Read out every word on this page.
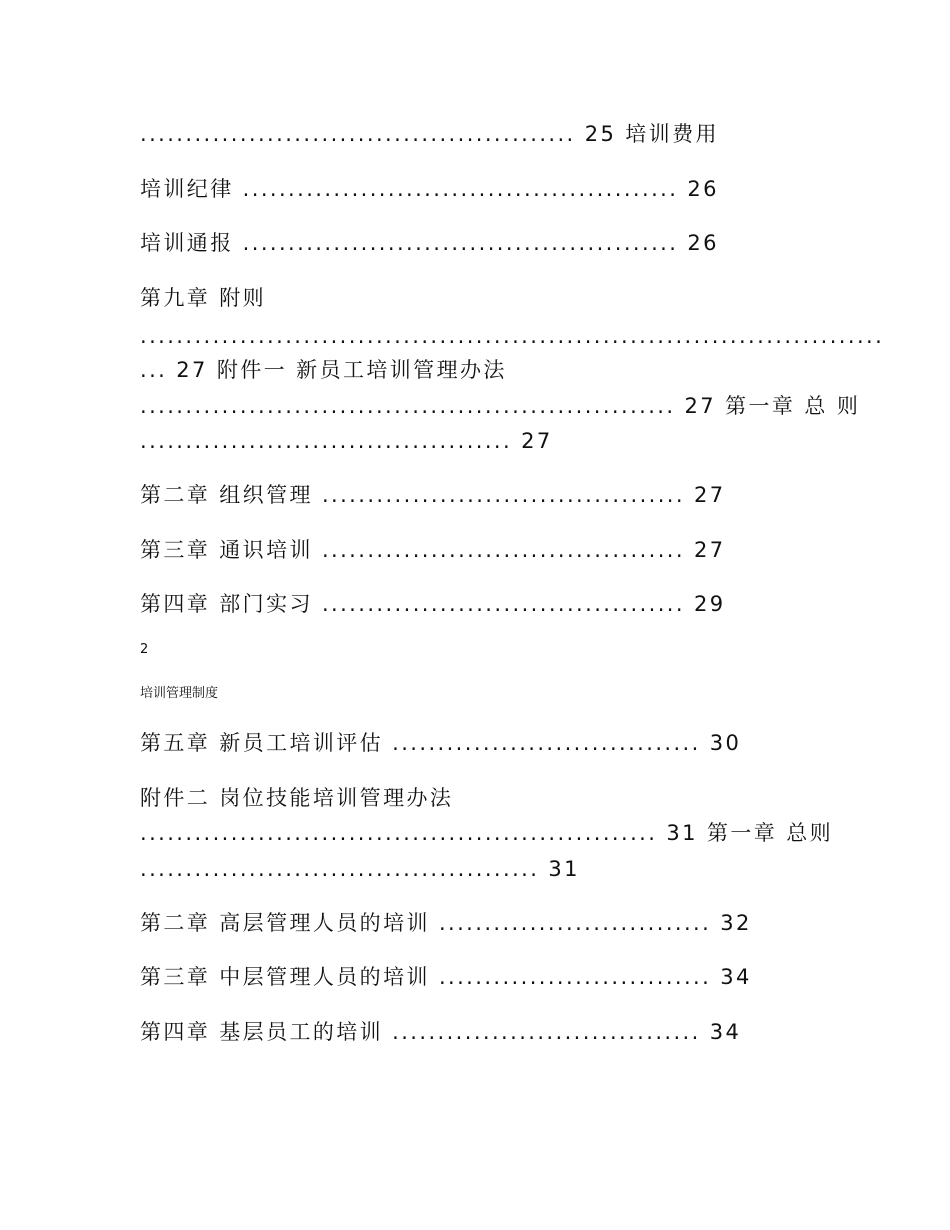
................................................ 25 培训费用
培训纪律 ................................................ 26
培训通报 ................................................ 26
第九章 附则
..................................................................................
... 27 附件一 新员工培训管理办法
........................................................... 27 第一章 总 则
......................................... 27
第二章 组织管理 ........................................ 27
第三章 通识培训 ........................................ 27
第四章 部门实习 ........................................ 29
2
培训管理制度
第五章 新员工培训评估 .................................. 30
附件二 岗位技能培训管理办法
......................................................... 31 第一章 总则
............................................ 31
第二章 高层管理人员的培训 .............................. 32
第三章 中层管理人员的培训 .............................. 34
第四章 基层员工的培训 .................................. 34
